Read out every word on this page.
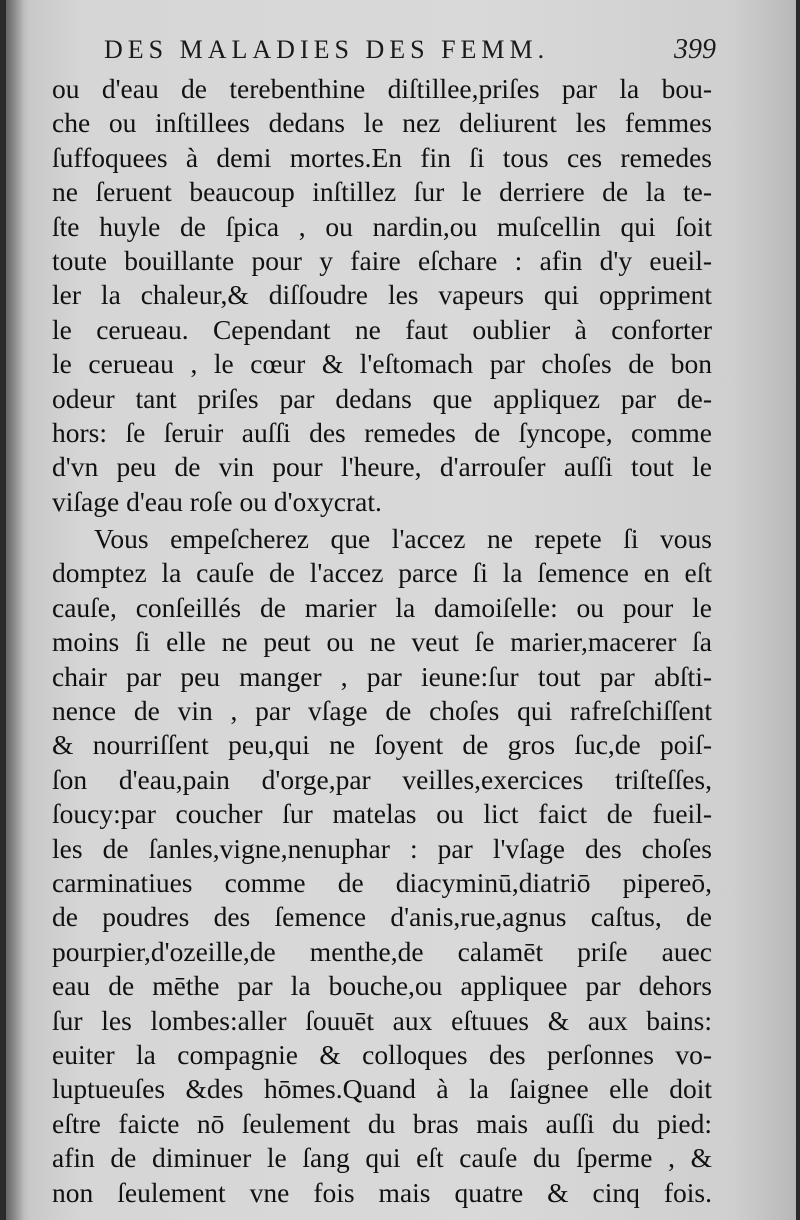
DES MALADIES DES FEMM.	399
ou d'eau de terebenthine diſtillee,priſes par la bou-
che ou inſtillees dedans le nez deliurent les femmes
ſuffoquees à demi mortes.En fin ſi tous ces remedes
ne ſeruent beaucoup inſtillez ſur le derriere de la te-
ſte huyle de ſpica , ou nardin,ou muſcellin qui ſoit
toute bouillante pour y faire eſchare : afin d'y eueil-
ler la chaleur,& diſſoudre les vapeurs qui oppriment
le cerueau. Cependant ne faut oublier à conforter
le cerueau , le cœur & l'eſtomach par choſes de bon
odeur tant priſes par dedans que appliquez par de-
hors: ſe ſeruir auſſi des remedes de ſyncope, comme
d'vn peu de vin pour l'heure, d'arrouſer auſſi tout le
viſage d'eau roſe ou d'oxycrat.
Vous empeſcherez que l'accez ne repete ſi vous
domptez la cauſe de l'accez parce ſi la ſemence en eſt
cauſe, conſeillés de marier la damoiſelle: ou pour le
moins ſi elle ne peut ou ne veut ſe marier,macerer ſa
chair par peu manger , par ieune:ſur tout par abſti-
nence de vin , par vſage de choſes qui rafreſchiſſent
& nourriſſent peu,qui ne ſoyent de gros ſuc,de poiſ-
ſon d'eau,pain d'orge,par veilles,exercices triſteſſes,
ſoucy:par coucher ſur matelas ou lict faict de fueil-
les de ſanles,vigne,nenuphar : par l'vſage des choſes
carminatiues comme de diacyminū,diatriō pipereō,
de poudres des ſemence d'anis,rue,agnus caſtus, de
pourpier,d'ozeille,de menthe,de calamēt priſe auec
eau de mēthe par la bouche,ou appliquee par dehors
ſur les lombes:aller ſouuēt aux eſtuues & aux bains:
euiter la compagnie & colloques des perſonnes vo-
luptueuſes &des hōmes.Quand à la ſaignee elle doit
eſtre faicte nō ſeulement du bras mais auſſi du pied:
afin de diminuer le ſang qui eſt cauſe du ſperme , &
non ſeulement vne fois mais quatre & cinq fois.
